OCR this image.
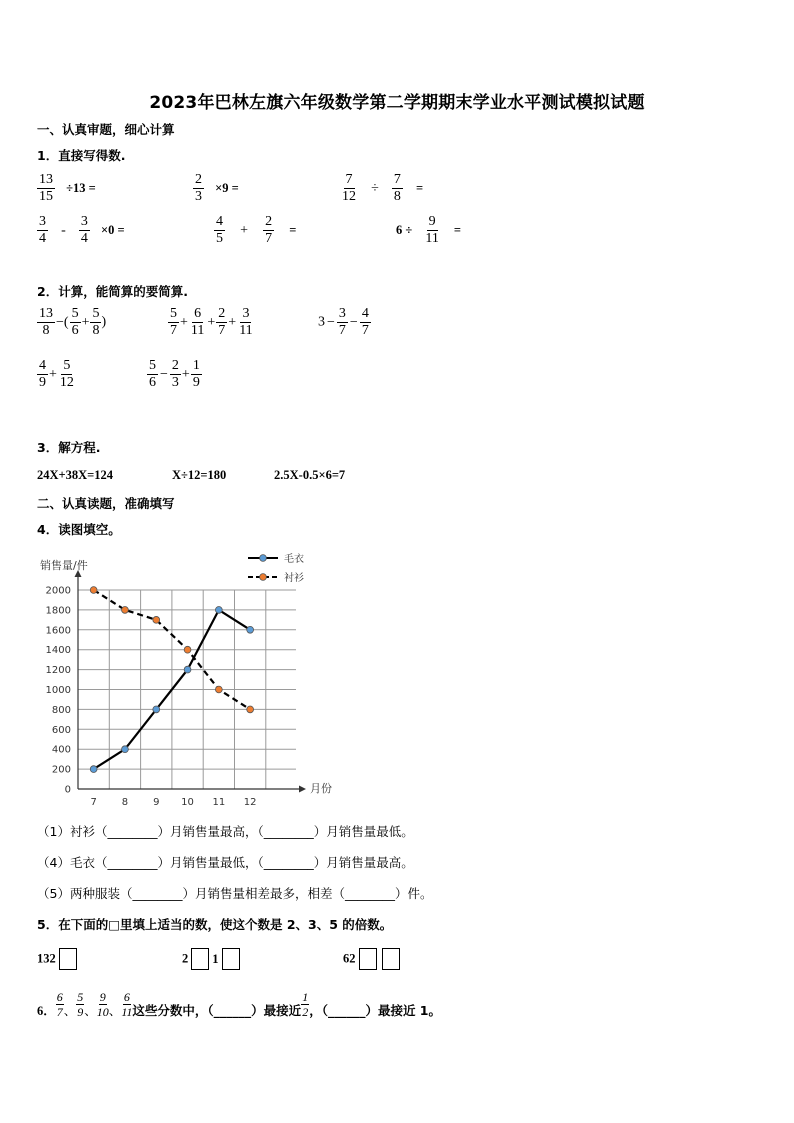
2023年巴林左旗六年级数学第二学期期末学业水平测试模拟试题
一、认真审题，细心计算
1．直接写得数.
$\frac{13}{15} \div 13$ =	$\frac{2}{3} \times 9$ =	$\frac{7}{12} \div \frac{7}{8}$ =
$\frac{3}{4} - \frac{3}{4} \times 0$ =	$\frac{4}{5} + \frac{2}{7}$ =	$6 \div \frac{9}{11}$ =
2．计算，能简算的要简算.
$\frac{13}{8}$ −( $\frac{5}{6} + \frac{5}{8}$ )	$\frac{5}{7} + \frac{6}{11} + \frac{2}{7} + \frac{3}{11}$	$3 - \frac{3}{7} - \frac{4}{7}$
$\frac{4}{9} + \frac{5}{12}$	$\frac{5}{6} - \frac{2}{3} + \frac{1}{9}$
3．解方程.
24X+38X=124	X÷12=180	2.5X-0.5×6=7
二、认真读题，准确填写
4．读图填空。
0
200
400
600
800
1000
1200
1400
1600
1800
2000
7 8 9 10 11 12
销售量/件
月份
毛衣
衬衫
（1）衬衫（________）月销售量最高，（________）月销售量最低。
（4）毛衣（________）月销售量最低，（________）月销售量最高。
（5）两种服装（________）月销售量相差最多，相差（________）件。
5．在下面的□里填上适当的数，使这个数是 2、3、5 的倍数。
132	2 1	62
6． $\frac{6}{7}$ 、 $\frac{5}{9}$ 、 $\frac{9}{10}$ 、 $\frac{6}{11}$ 这些分数中，（______）最接近 $\frac{1}{2}$ ，（______）最接近 1。
